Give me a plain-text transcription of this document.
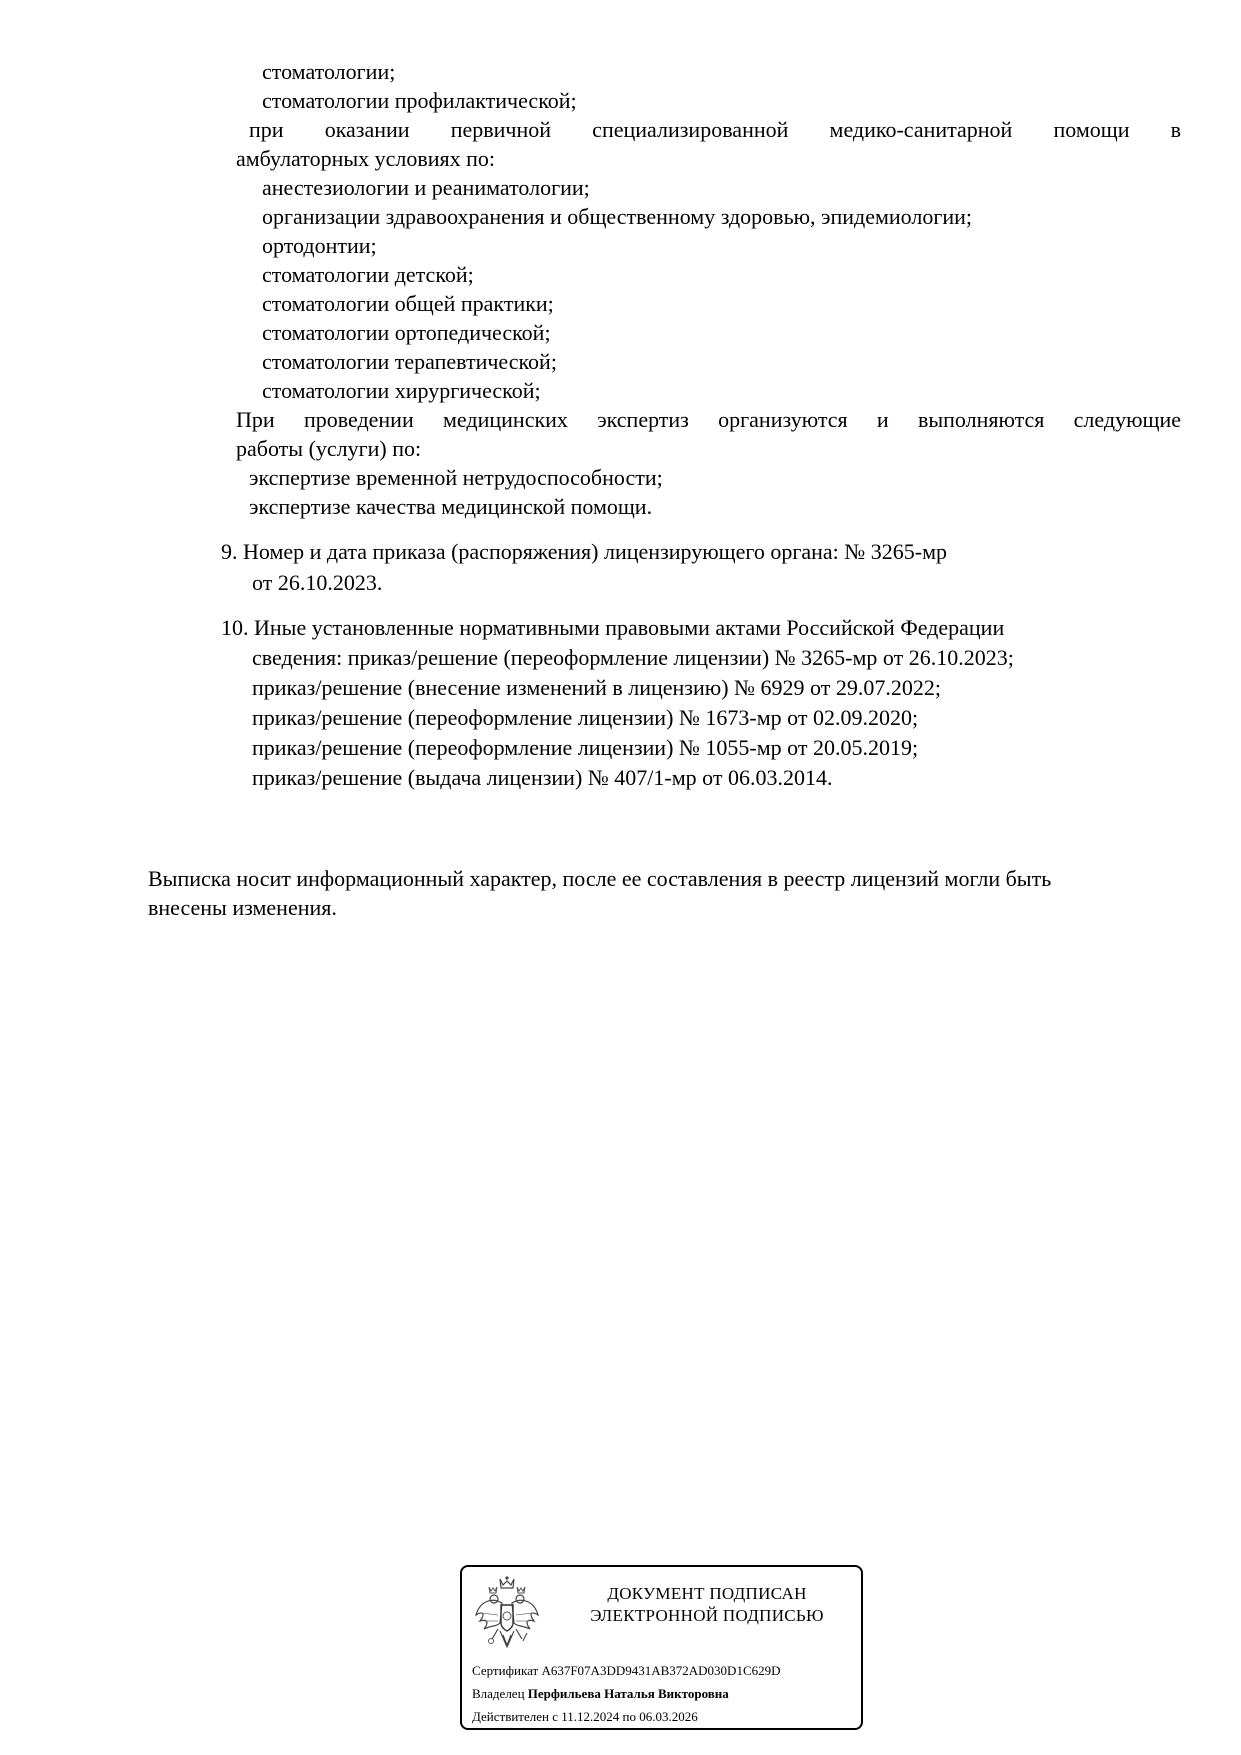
стоматологии;
стоматологии профилактической;
при оказании первичной специализированной медико-санитарной помощи в
амбулаторных условиях по:
анестезиологии и реаниматологии;
организации здравоохранения и общественному здоровью, эпидемиологии;
ортодонтии;
стоматологии детской;
стоматологии общей практики;
стоматологии ортопедической;
стоматологии терапевтической;
стоматологии хирургической;
При проведении медицинских экспертиз организуются и выполняются следующие
работы (услуги) по:
экспертизе временной нетрудоспособности;
экспертизе качества медицинской помощи.
9. Номер и дата приказа (распоряжения) лицензирующего органа: № 3265-мр
от 26.10.2023.
10. Иные установленные нормативными правовыми актами Российской Федерации
сведения: приказ/решение (переоформление лицензии) № 3265-мр от 26.10.2023;
приказ/решение (внесение изменений в лицензию) № 6929 от 29.07.2022;
приказ/решение (переоформление лицензии) № 1673-мр от 02.09.2020;
приказ/решение (переоформление лицензии) № 1055-мр от 20.05.2019;
приказ/решение (выдача лицензии) № 407/1-мр от 06.03.2014.
Выписка носит информационный характер, после ее составления в реестр лицензий могли быть
внесены изменения.
ДОКУМЕНТ ПОДПИСАН
ЭЛЕКТРОННОЙ ПОДПИСЬЮ
Сертификат A637F07A3DD9431AB372AD030D1C629D
Владелец Перфильева Наталья Викторовна
Действителен с 11.12.2024 по 06.03.2026
